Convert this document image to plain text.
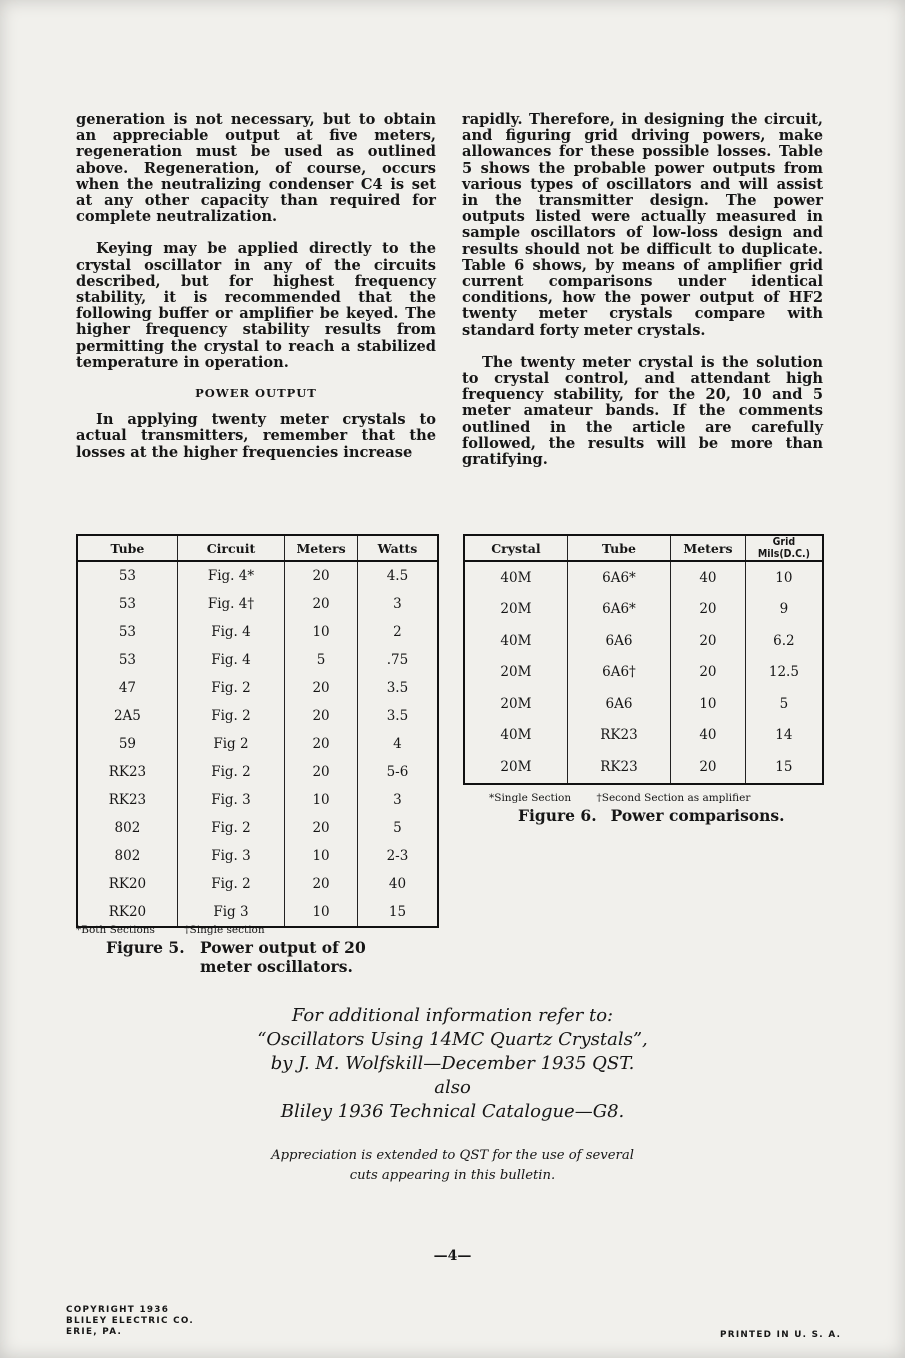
generation is not necessary, but to obtain an appreciable output at five meters, regeneration must be used as outlined above. Regeneration, of course, occurs when the neutralizing condenser C4 is set at any other capacity than required for complete neutralization.

Keying may be applied directly to the crystal oscillator in any of the circuits described, but for highest frequency stability, it is recommended that the following buffer or amplifier be keyed. The higher frequency stability results from permitting the crystal to reach a stabilized temperature in operation.

POWER OUTPUT

In applying twenty meter crystals to actual transmitters, remember that the losses at the higher frequencies increase

rapidly. Therefore, in designing the circuit, and figuring grid driving powers, make allowances for these possible losses. Table 5 shows the probable power outputs from various types of oscillators and will assist in the transmitter design. The power outputs listed were actually measured in sample oscillators of low-loss design and results should not be difficult to duplicate. Table 6 shows, by means of amplifier grid current comparisons under identical conditions, how the power output of HF2 twenty meter crystals compare with standard forty meter crystals.

The twenty meter crystal is the solution to crystal control, and attendant high frequency stability, for the 20, 10 and 5 meter amateur bands. If the comments outlined in the article are carefully followed, the results will be more than gratifying.

Tube	Circuit	Meters	Watts
53	Fig. 4*	20	4.5
53	Fig. 4†	20	3
53	Fig. 4	10	2
53	Fig. 4	5	.75
47	Fig. 2	20	3.5
2A5	Fig. 2	20	3.5
59	Fig 2	20	4
RK23	Fig. 2	20	5-6
RK23	Fig. 3	10	3
802	Fig. 2	20	5
802	Fig. 3	10	2-3
RK20	Fig. 2	20	40
RK20	Fig 3	10	15
*Both Sections	†Single section
Figure 5. Power output of 20 meter oscillators.
Crystal	Tube	Meters	Grid Mils(D.C.)
40M	6A6*	40	10
20M	6A6*	20	9
40M	6A6	20	6.2
20M	6A6†	20	12.5
20M	6A6	10	5
40M	RK23	40	14
20M	RK23	20	15
*Single Section †Second Section as amplifier
Figure 6. Power comparisons.
For additional information refer to:
“Oscillators Using 14MC Quartz Crystals”,
by J. M. Wolfskill—December 1935 QST.
also
Bliley 1936 Technical Catalogue—G8.
Appreciation is extended to QST for the use of several
cuts appearing in this bulletin.
—4—
COPYRIGHT 1936
BLILEY ELECTRIC CO.
ERIE, PA.	PRINTED IN U. S. A.
